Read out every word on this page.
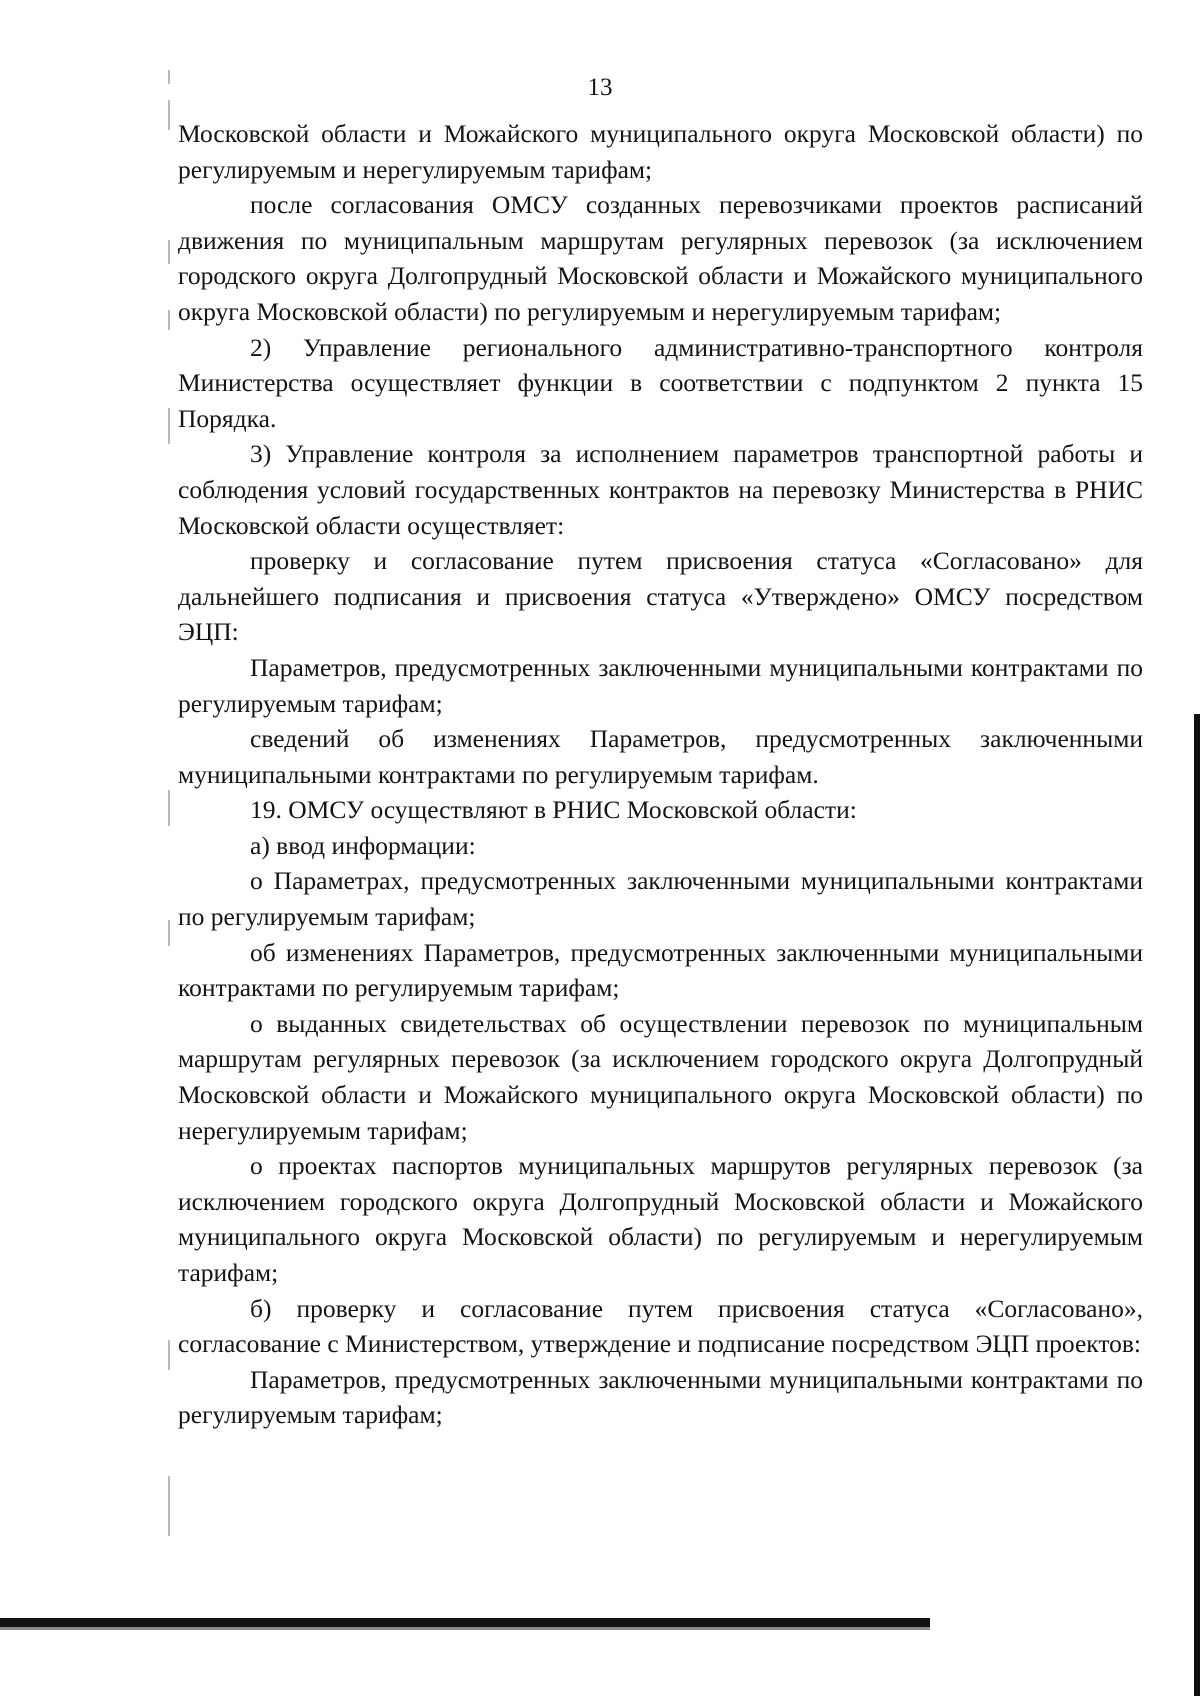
13

Московской области и Можайского муниципального округа Московской области) по регулируемым и нерегулируемым тарифам;

после согласования ОМСУ созданных перевозчиками проектов расписаний движения по муниципальным маршрутам регулярных перевозок (за исключением городского округа Долгопрудный Московской области и Можайского муниципального округа Московской области) по регулируемым и нерегулируемым тарифам;

2) Управление регионального административно-транспортного контроля Министерства осуществляет функции в соответствии с подпунктом 2 пункта 15 Порядка.

3) Управление контроля за исполнением параметров транспортной работы и соблюдения условий государственных контрактов на перевозку Министерства в РНИС Московской области осуществляет:

проверку и согласование путем присвоения статуса «Согласовано» для дальнейшего подписания и присвоения статуса «Утверждено» ОМСУ посредством ЭЦП:

Параметров, предусмотренных заключенными муниципальными контрактами по регулируемым тарифам;

сведений об изменениях Параметров, предусмотренных заключенными муниципальными контрактами по регулируемым тарифам.

19. ОМСУ осуществляют в РНИС Московской области:

а) ввод информации:

о Параметрах, предусмотренных заключенными муниципальными контрактами по регулируемым тарифам;

об изменениях Параметров, предусмотренных заключенными муниципальными контрактами по регулируемым тарифам;

о выданных свидетельствах об осуществлении перевозок по муниципальным маршрутам регулярных перевозок (за исключением городского округа Долгопрудный Московской области и Можайского муниципального округа Московской области) по нерегулируемым тарифам;

о проектах паспортов муниципальных маршрутов регулярных перевозок (за исключением городского округа Долгопрудный Московской области и Можайского муниципального округа Московской области) по регулируемым и нерегулируемым тарифам;

б) проверку и согласование путем присвоения статуса «Согласовано», согласование с Министерством, утверждение и подписание посредством ЭЦП проектов:

Параметров, предусмотренных заключенными муниципальными контрактами по регулируемым тарифам;
